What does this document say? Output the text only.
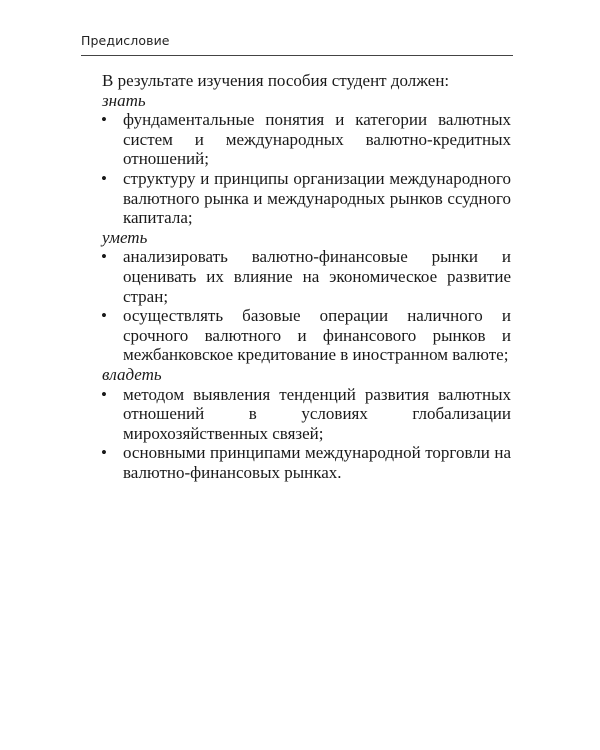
Предисловие

В результате изучения пособия студент должен:

знать

• фундаментальные понятия и категории валютных систем и международных валютно-кредитных отношений;
• структуру и принципы организации международного валютного рынка и международных рынков ссудного капитала;

уметь

• анализировать валютно-финансовые рынки и оценивать их влияние на экономическое развитие стран;
• осуществлять базовые операции наличного и срочного валютного и финансового рынков и межбанковское кредитование в иностранном валюте;

владеть

• методом выявления тенденций развития валютных отношений в условиях глобализации мирохозяйственных связей;
• основными принципами международной торговли на валютно-финансовых рынках.
